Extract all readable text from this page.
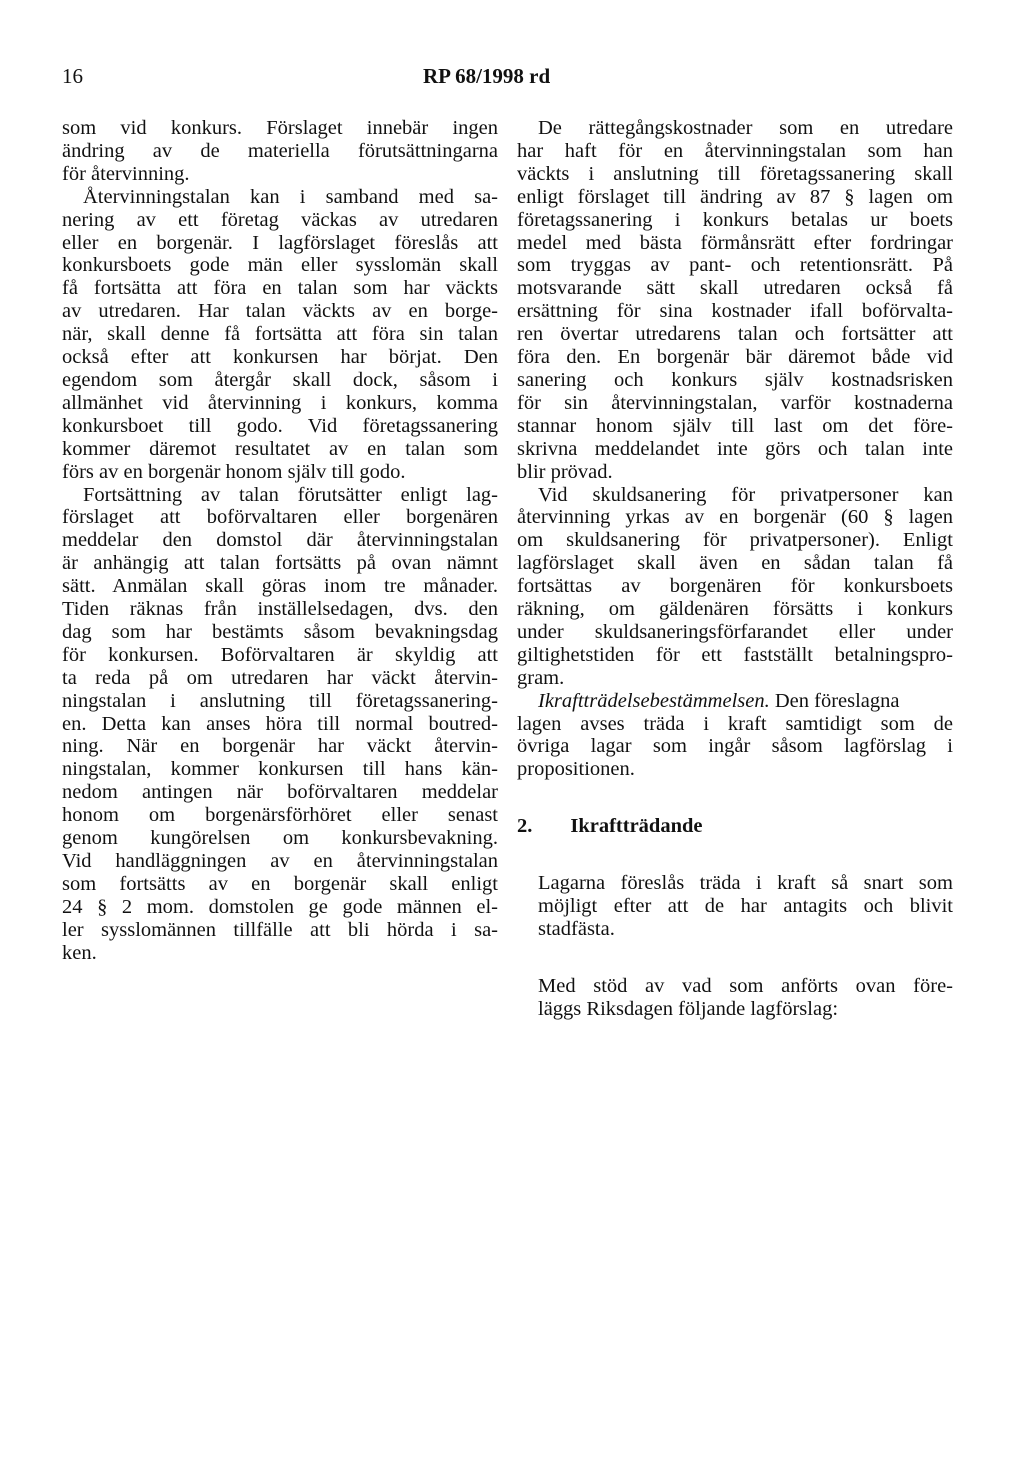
16	RP 68/1998 rd
som vid konkurs. Förslaget innebär ingen
ändring av de materiella förutsättningarna
för återvinning.
Återvinningstalan kan i samband med sa-
nering av ett företag väckas av utredaren
eller en borgenär. I lagförslaget föreslås att
konkursboets gode män eller sysslomän skall
få fortsätta att föra en talan som har väckts
av utredaren. Har talan väckts av en borge-
när, skall denne få fortsätta att föra sin talan
också efter att konkursen har börjat. Den
egendom som återgår skall dock, såsom i
allmänhet vid återvinning i konkurs, komma
konkursboet till godo. Vid företagssanering
kommer däremot resultatet av en talan som
förs av en borgenär honom själv till godo.
Fortsättning av talan förutsätter enligt lag-
förslaget att boförvaltaren eller borgenären
meddelar den domstol där återvinningstalan
är anhängig att talan fortsätts på ovan nämnt
sätt. Anmälan skall göras inom tre månader.
Tiden räknas från inställelsedagen, dvs. den
dag som har bestämts såsom bevakningsdag
för konkursen. Boförvaltaren är skyldig att
ta reda på om utredaren har väckt återvin-
ningstalan i anslutning till företagssanering-
en. Detta kan anses höra till normal boutred-
ning. När en borgenär har väckt återvin-
ningstalan, kommer konkursen till hans kän-
nedom antingen när boförvaltaren meddelar
honom om borgenärsförhöret eller senast
genom kungörelsen om konkursbevakning.
Vid handläggningen av en återvinningstalan
som fortsätts av en borgenär skall enligt
24 § 2 mom. domstolen ge gode männen el-
ler sysslomännen tillfälle att bli hörda i sa-
ken.
De rättegångskostnader som en utredare
har haft för en återvinningstalan som han
väckts i anslutning till företagssanering skall
enligt förslaget till ändring av 87 § lagen om
företagssanering i konkurs betalas ur boets
medel med bästa förmånsrätt efter fordringar
som tryggas av pant- och retentionsrätt. På
motsvarande sätt skall utredaren också få
ersättning för sina kostnader ifall boförvalta-
ren övertar utredarens talan och fortsätter att
föra den. En borgenär bär däremot både vid
sanering och konkurs själv kostnadsrisken
för sin återvinningstalan, varför kostnaderna
stannar honom själv till last om det före-
skrivna meddelandet inte görs och talan inte
blir prövad.
Vid skuldsanering för privatpersoner kan
återvinning yrkas av en borgenär (60 § lagen
om skuldsanering för privatpersoner). Enligt
lagförslaget skall även en sådan talan få
fortsättas av borgenären för konkursboets
räkning, om gäldenären försätts i konkurs
under skuldsaneringsförfarandet eller under
giltighetstiden för ett fastställt betalningspro-
gram.
Ikraftträdelsebestämmelsen. Den föreslagna
lagen avses träda i kraft samtidigt som de
övriga lagar som ingår såsom lagförslag i
propositionen.
2. Ikraftträdande
Lagarna föreslås träda i kraft så snart som
möjligt efter att de har antagits och blivit
stadfästa.
Med stöd av vad som anförts ovan före-
läggs Riksdagen följande lagförslag:
